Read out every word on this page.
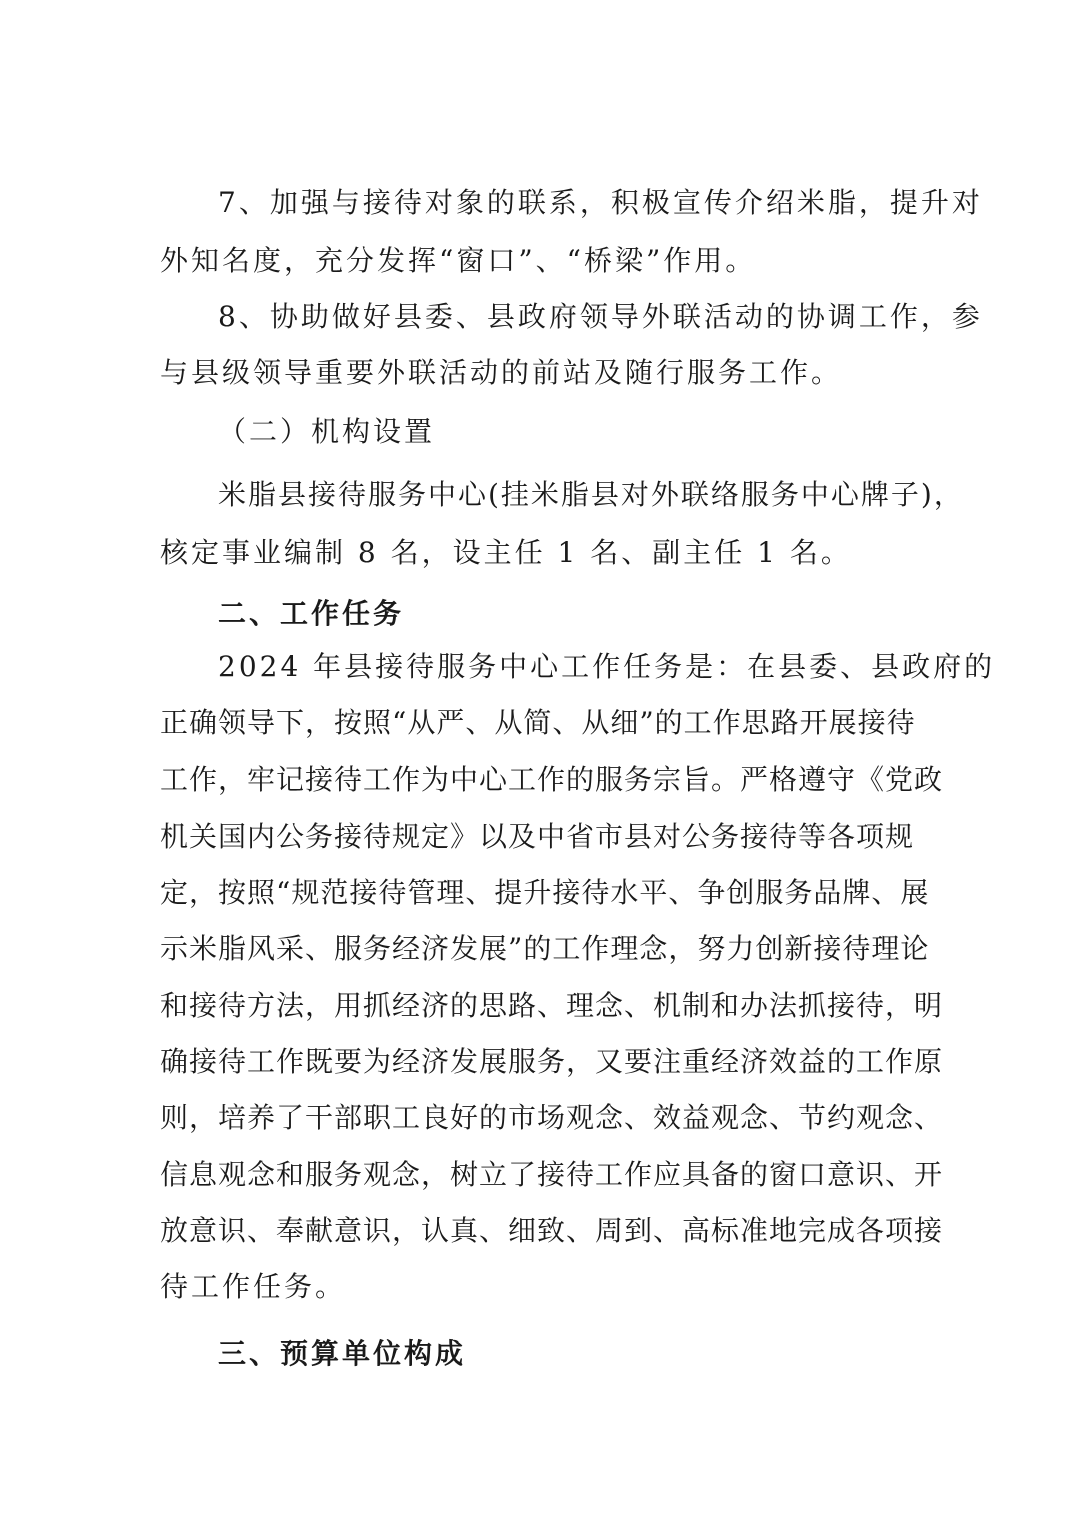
7、加强与接待对象的联系，积极宣传介绍米脂，提升对
外知名度，充分发挥“窗口”、“桥梁”作用。
8、协助做好县委、县政府领导外联活动的协调工作，参
与县级领导重要外联活动的前站及随行服务工作。
（二）机构设置
米脂县接待服务中心(挂米脂县对外联络服务中心牌子)，
核定事业编制 8 名，设主任 1 名、副主任 1 名。
二、工作任务
2024 年县接待服务中心工作任务是：在县委、县政府的
正确领导下，按照“从严、从简、从细”的工作思路开展接待
工作，牢记接待工作为中心工作的服务宗旨。严格遵守《党政
机关国内公务接待规定》以及中省市县对公务接待等各项规
定，按照“规范接待管理、提升接待水平、争创服务品牌、展
示米脂风采、服务经济发展”的工作理念，努力创新接待理论
和接待方法，用抓经济的思路、理念、机制和办法抓接待，明
确接待工作既要为经济发展服务，又要注重经济效益的工作原
则，培养了干部职工良好的市场观念、效益观念、节约观念、
信息观念和服务观念，树立了接待工作应具备的窗口意识、开
放意识、奉献意识，认真、细致、周到、高标准地完成各项接
待工作任务。
三、预算单位构成
